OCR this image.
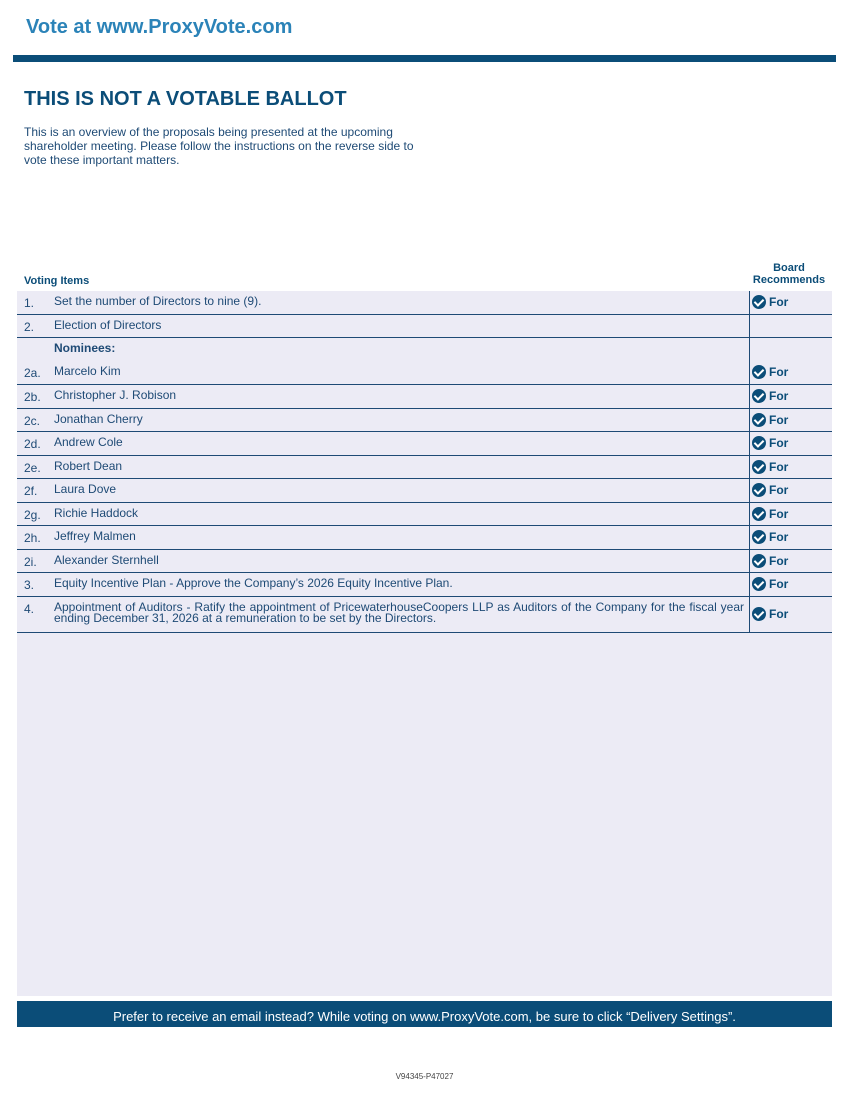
Vote at www.ProxyVote.com
THIS IS NOT A VOTABLE BALLOT
This is an overview of the proposals being presented at the upcoming shareholder meeting. Please follow the instructions on the reverse side to vote these important matters.
Voting Items
Board Recommends
1. Set the number of Directors to nine (9).	For
2. Election of Directors
Nominees:
2a. Marcelo Kim	For
2b. Christopher J. Robison	For
2c. Jonathan Cherry	For
2d. Andrew Cole	For
2e. Robert Dean	For
2f. Laura Dove	For
2g. Richie Haddock	For
2h. Jeffrey Malmen	For
2i. Alexander Sternhell	For
3. Equity Incentive Plan - Approve the Company’s 2026 Equity Incentive Plan.	For
4. Appointment of Auditors - Ratify the appointment of PricewaterhouseCoopers LLP as Auditors of the Company for the fiscal year ending December 31, 2026 at a remuneration to be set by the Directors.	For
Prefer to receive an email instead? While voting on www.ProxyVote.com, be sure to click “Delivery Settings”.
V94345-P47027
